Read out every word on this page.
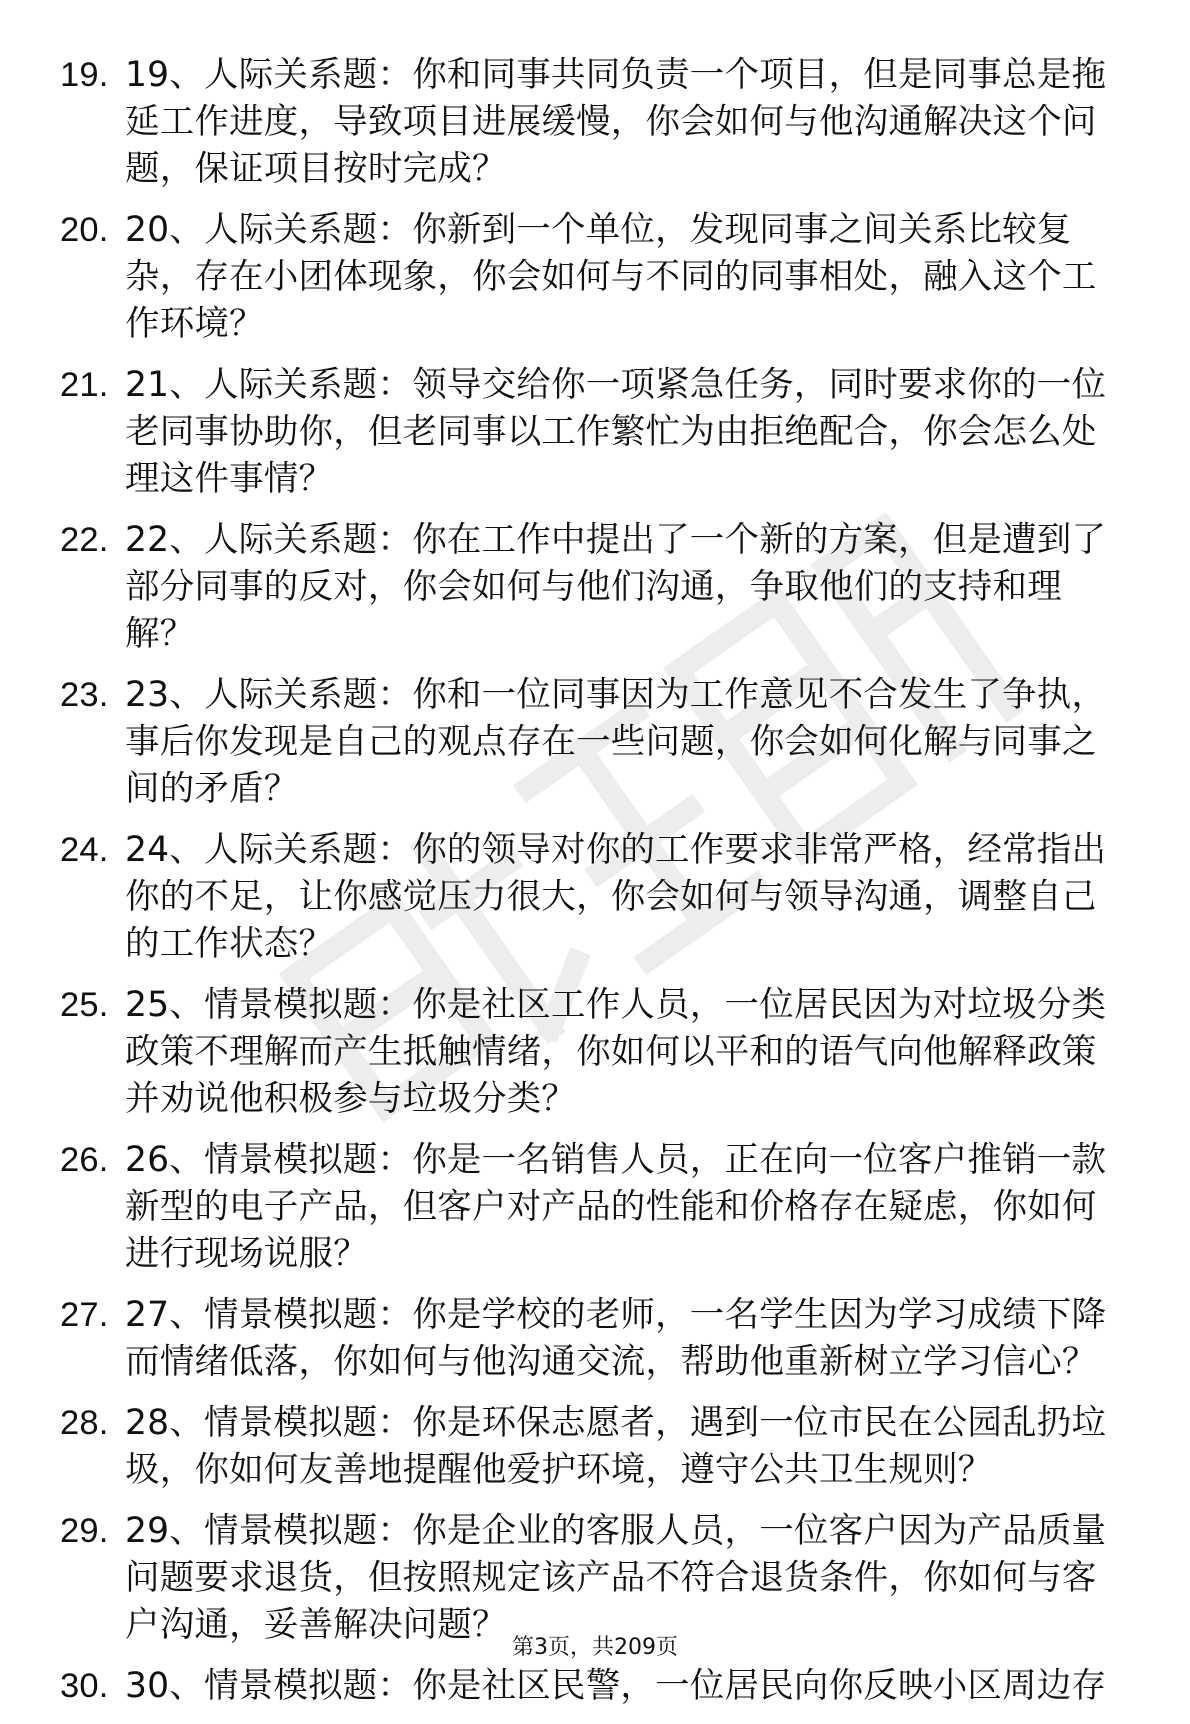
19. 19、人际关系题：你和同事共同负责一个项目，但是同事总是拖延工作进度，导致项目进展缓慢，你会如何与他沟通解决这个问题，保证项目按时完成？
20. 20、人际关系题：你新到一个单位，发现同事之间关系比较复杂，存在小团体现象，你会如何与不同的同事相处，融入这个工作环境？
21. 21、人际关系题：领导交给你一项紧急任务，同时要求你的一位老同事协助你，但老同事以工作繁忙为由拒绝配合，你会怎么处理这件事情？
22. 22、人际关系题：你在工作中提出了一个新的方案，但是遭到了部分同事的反对，你会如何与他们沟通，争取他们的支持和理解？
23. 23、人际关系题：你和一位同事因为工作意见不合发生了争执，事后你发现是自己的观点存在一些问题，你会如何化解与同事之间的矛盾？
24. 24、人际关系题：你的领导对你的工作要求非常严格，经常指出你的不足，让你感觉压力很大，你会如何与领导沟通，调整自己的工作状态？
25. 25、情景模拟题：你是社区工作人员，一位居民因为对垃圾分类政策不理解而产生抵触情绪，你如何以平和的语气向他解释政策并劝说他积极参与垃圾分类？
26. 26、情景模拟题：你是一名销售人员，正在向一位客户推销一款新型的电子产品，但客户对产品的性能和价格存在疑虑，你如何进行现场说服？
27. 27、情景模拟题：你是学校的老师，一名学生因为学习成绩下降而情绪低落，你如何与他沟通交流，帮助他重新树立学习信心？
28. 28、情景模拟题：你是环保志愿者，遇到一位市民在公园乱扔垃圾，你如何友善地提醒他爱护环境，遵守公共卫生规则？
29. 29、情景模拟题：你是企业的客服人员，一位客户因为产品质量问题要求退货，但按照规定该产品不符合退货条件，你如何与客户沟通，妥善解决问题？
30. 30、情景模拟题：你是社区民警，一位居民向你反映小区周边存
第3页，共209页
